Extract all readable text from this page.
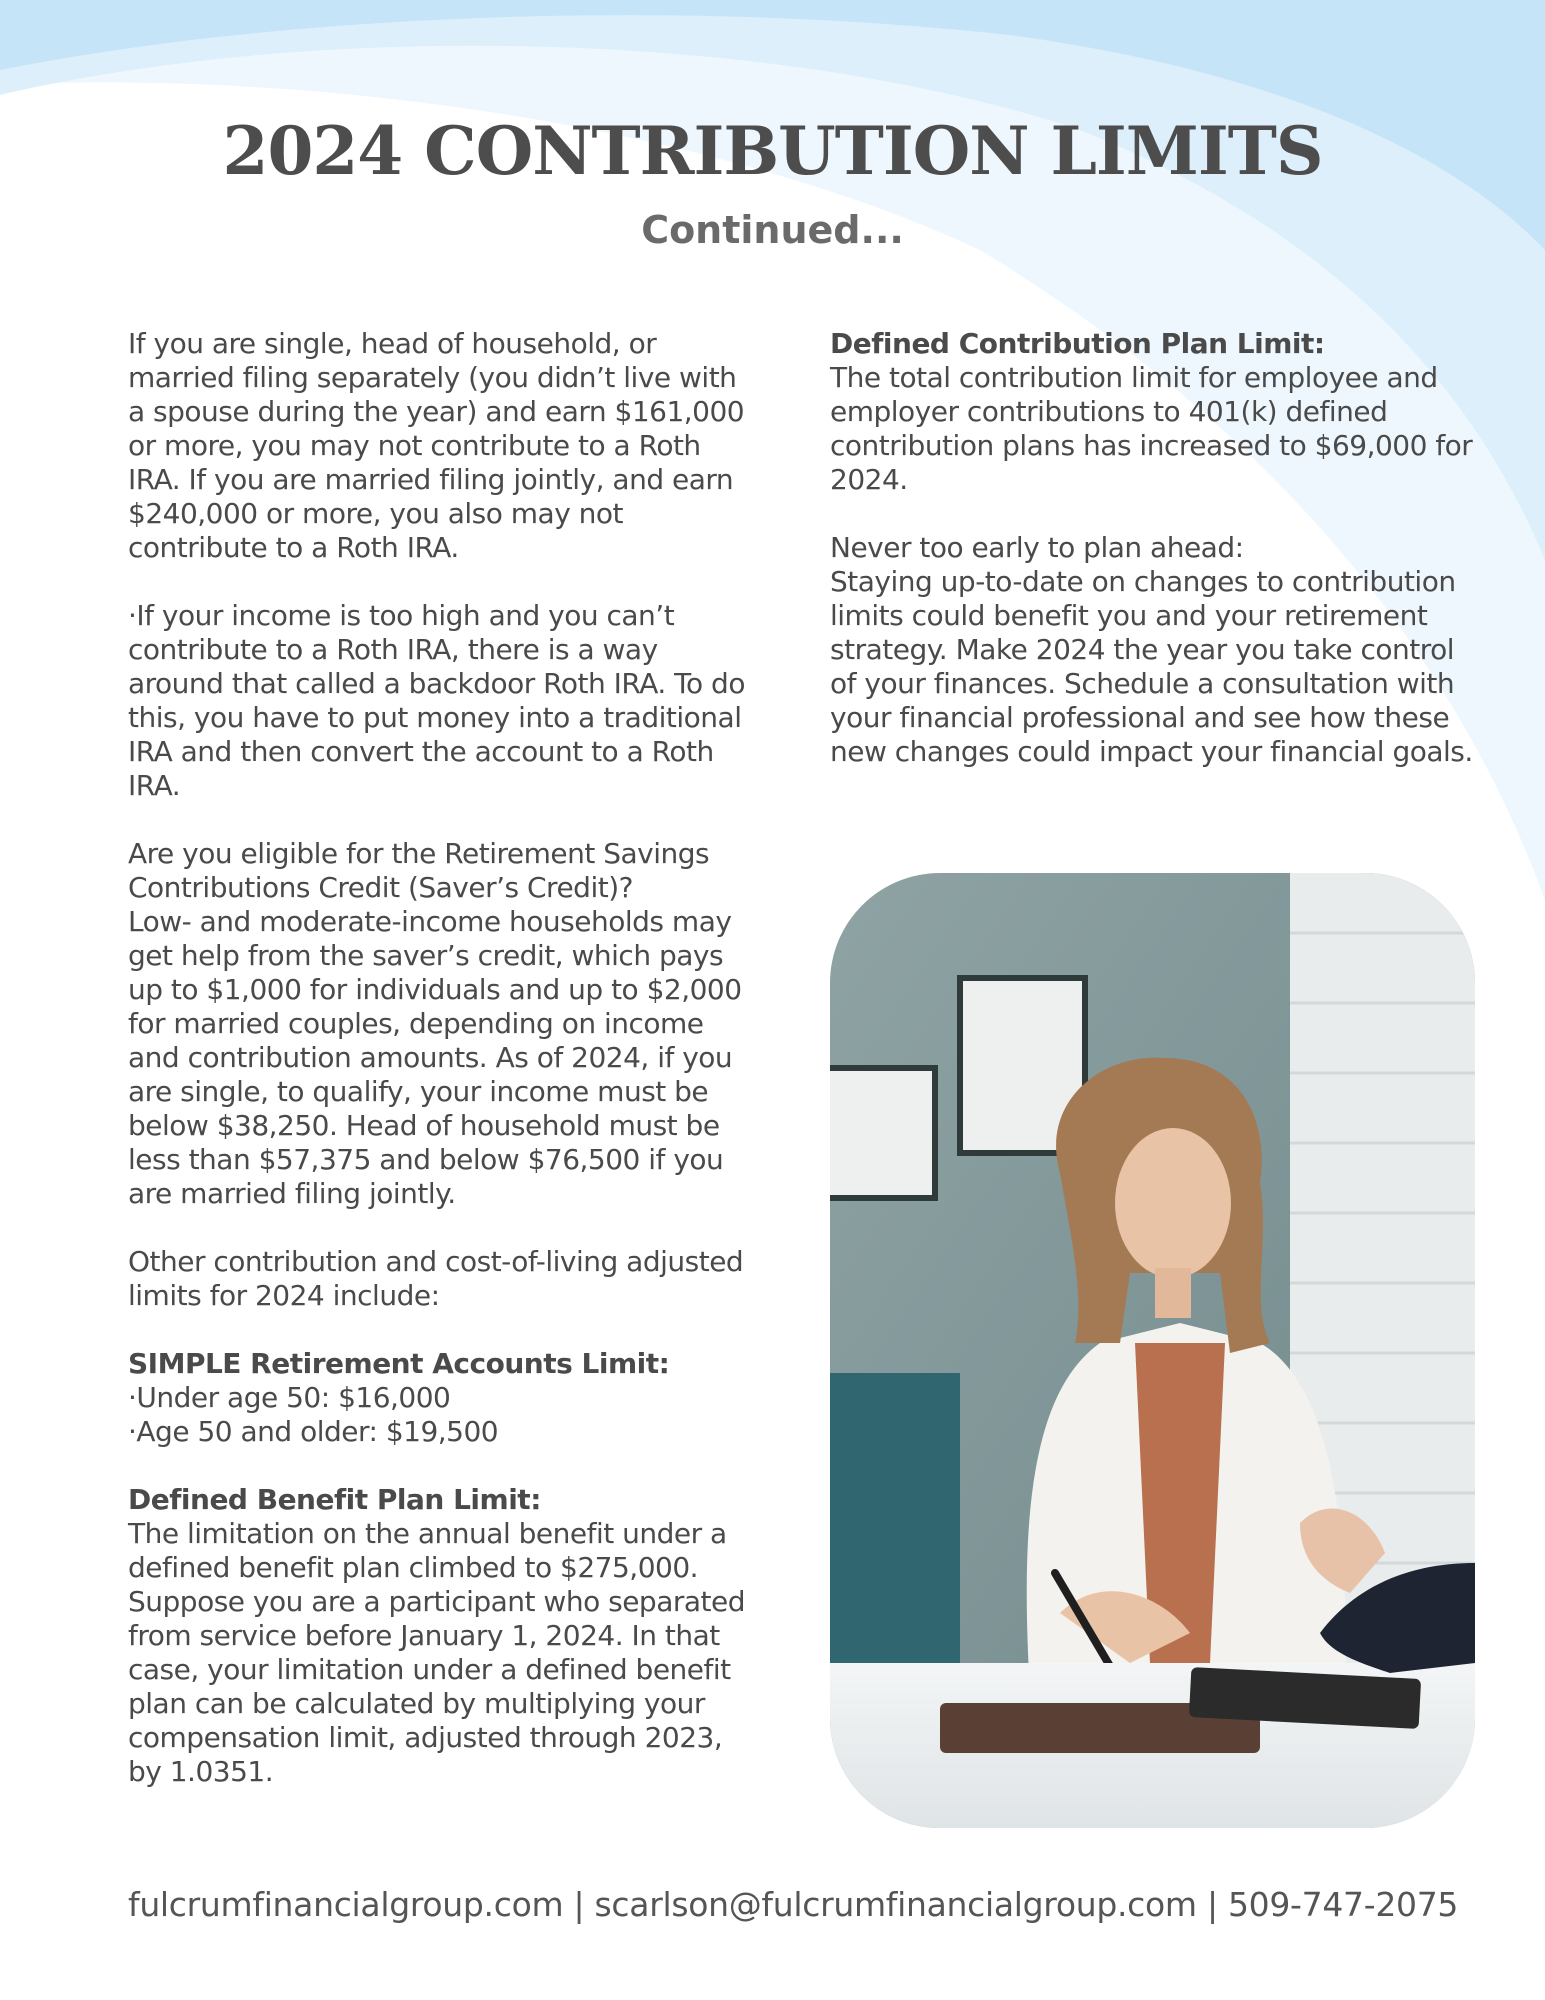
2024 CONTRIBUTION LIMITS
Continued...

If you are single, head of household, or married filing separately (you didn’t live with a spouse during the year) and earn $161,000 or more, you may not contribute to a Roth IRA. If you are married filing jointly, and earn $240,000 or more, you also may not contribute to a Roth IRA.

·If your income is too high and you can’t contribute to a Roth IRA, there is a way around that called a backdoor Roth IRA. To do this, you have to put money into a traditional IRA and then convert the account to a Roth IRA.

Are you eligible for the Retirement Savings Contributions Credit (Saver’s Credit)?
Low- and moderate-income households may get help from the saver’s credit, which pays up to $1,000 for individuals and up to $2,000 for married couples, depending on income and contribution amounts. As of 2024, if you are single, to qualify, your income must be below $38,250. Head of household must be less than $57,375 and below $76,500 if you are married filing jointly.

Other contribution and cost-of-living adjusted limits for 2024 include:

SIMPLE Retirement Accounts Limit:
·Under age 50: $16,000
·Age 50 and older: $19,500

Defined Benefit Plan Limit:
The limitation on the annual benefit under a defined benefit plan climbed to $275,000. Suppose you are a participant who separated from service before January 1, 2024. In that case, your limitation under a defined benefit plan can be calculated by multiplying your compensation limit, adjusted through 2023, by 1.0351.

Defined Contribution Plan Limit:
The total contribution limit for employee and employer contributions to 401(k) defined contribution plans has increased to $69,000 for 2024.

Never too early to plan ahead:
Staying up-to-date on changes to contribution limits could benefit you and your retirement strategy. Make 2024 the year you take control of your finances. Schedule a consultation with your financial professional and see how these new changes could impact your financial goals.

fulcrumfinancialgroup.com | scarlson@fulcrumfinancialgroup.com | 509-747-2075
